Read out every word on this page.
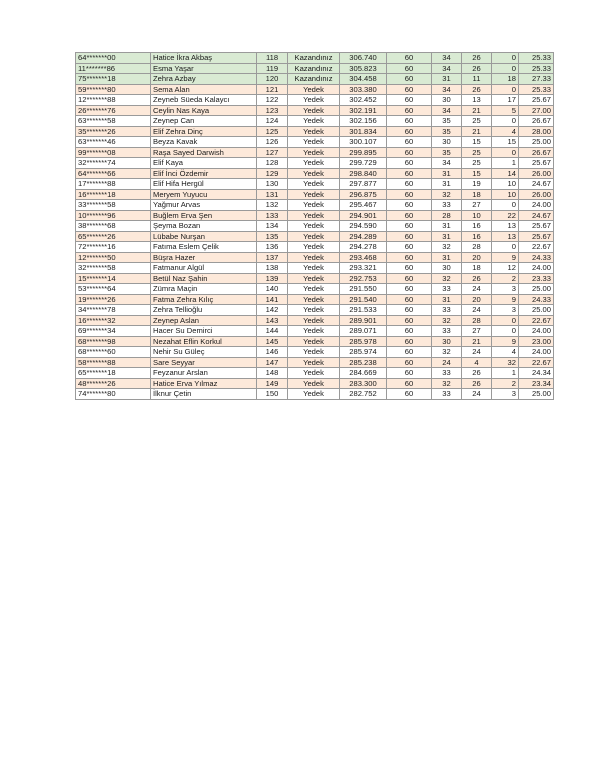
64*******00	Hatice İkra Akbaş	118	Kazandınız	306.740	60	34	26	0	25.33
11*******86	Esma Yaşar	119	Kazandınız	305.823	60	34	26	0	25.33
75*******18	Zehra Azbay	120	Kazandınız	304.458	60	31	11	18	27.33
59*******80	Sema Alan	121	Yedek	303.380	60	34	26	0	25.33
12*******88	Zeyneb Süeda Kalaycı	122	Yedek	302.452	60	30	13	17	25.67
26*******76	Ceylin Nas Kaya	123	Yedek	302.191	60	34	21	5	27.00
63*******58	Zeynep Can	124	Yedek	302.156	60	35	25	0	26.67
35*******26	Elif Zehra Dinç	125	Yedek	301.834	60	35	21	4	28.00
63*******46	Beyza Kavak	126	Yedek	300.107	60	30	15	15	25.00
99*******08	Raşa Sayed Darwish	127	Yedek	299.895	60	35	25	0	26.67
32*******74	Elif Kaya	128	Yedek	299.729	60	34	25	1	25.67
64*******66	Elif İnci Özdemir	129	Yedek	298.840	60	31	15	14	26.00
17*******88	Elif Hifa Hergül	130	Yedek	297.877	60	31	19	10	24.67
16*******18	Meryem Yuyucu	131	Yedek	296.875	60	32	18	10	26.00
33*******58	Yağmur Arvas	132	Yedek	295.467	60	33	27	0	24.00
10*******96	Buğlem Erva Şen	133	Yedek	294.901	60	28	10	22	24.67
38*******68	Şeyma Bozan	134	Yedek	294.590	60	31	16	13	25.67
65*******26	Lübabe Nurşan	135	Yedek	294.289	60	31	16	13	25.67
72*******16	Fatıma Eslem Çelik	136	Yedek	294.278	60	32	28	0	22.67
12*******50	Büşra Hazer	137	Yedek	293.468	60	31	20	9	24.33
32*******58	Fatmanur Algül	138	Yedek	293.321	60	30	18	12	24.00
15*******14	Betül Naz Şahin	139	Yedek	292.753	60	32	26	2	23.33
53*******64	Zümra Maçin	140	Yedek	291.550	60	33	24	3	25.00
19*******26	Fatma Zehra Kılıç	141	Yedek	291.540	60	31	20	9	24.33
34*******78	Zehra Tellioğlu	142	Yedek	291.533	60	33	24	3	25.00
16*******32	Zeynep Aslan	143	Yedek	289.901	60	32	28	0	22.67
69*******34	Hacer Su Demirci	144	Yedek	289.071	60	33	27	0	24.00
68*******98	Nezahat Eflin Korkul	145	Yedek	285.978	60	30	21	9	23.00
68*******60	Nehir Su Güleç	146	Yedek	285.974	60	32	24	4	24.00
58*******88	Sare Seyyar	147	Yedek	285.238	60	24	4	32	22.67
65*******18	Feyzanur Arslan	148	Yedek	284.669	60	33	26	1	24.34
48*******26	Hatice Erva Yılmaz	149	Yedek	283.300	60	32	26	2	23.34
74*******80	İlknur Çetin	150	Yedek	282.752	60	33	24	3	25.00
